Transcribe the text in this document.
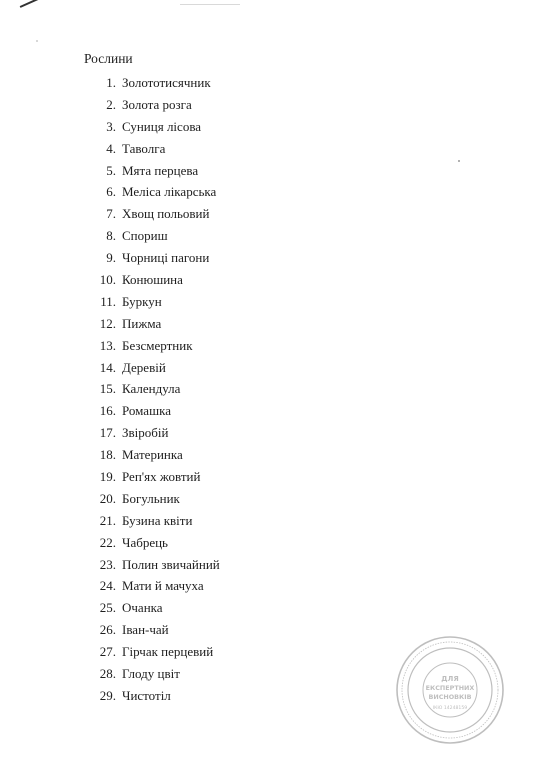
Рослини
1. Золототисячник
2. Золота розга
3. Суниця лісова
4. Таволга
5. Мята перцева
6. Меліса лікарська
7. Хвощ польовий
8. Спориш
9. Чорниці пагони
10. Конюшина
11. Буркун
12. Пижма
13. Безсмертник
14. Деревій
15. Календула
16. Ромашка
17. Звіробій
18. Материнка
19. Реп'ях жовтий
20. Богульник
21. Бузина квіти
22. Чабрець
23. Полин звичайний
24. Мати й мачуха
25. Очанка
26. Іван-чай
27. Гірчак перцевий
28. Глоду цвіт
29. Чистотіл
ДЛЯ
ЕКСПЕРТНИХ
ВИСНОВКІВ
ІКЮ 14248159
